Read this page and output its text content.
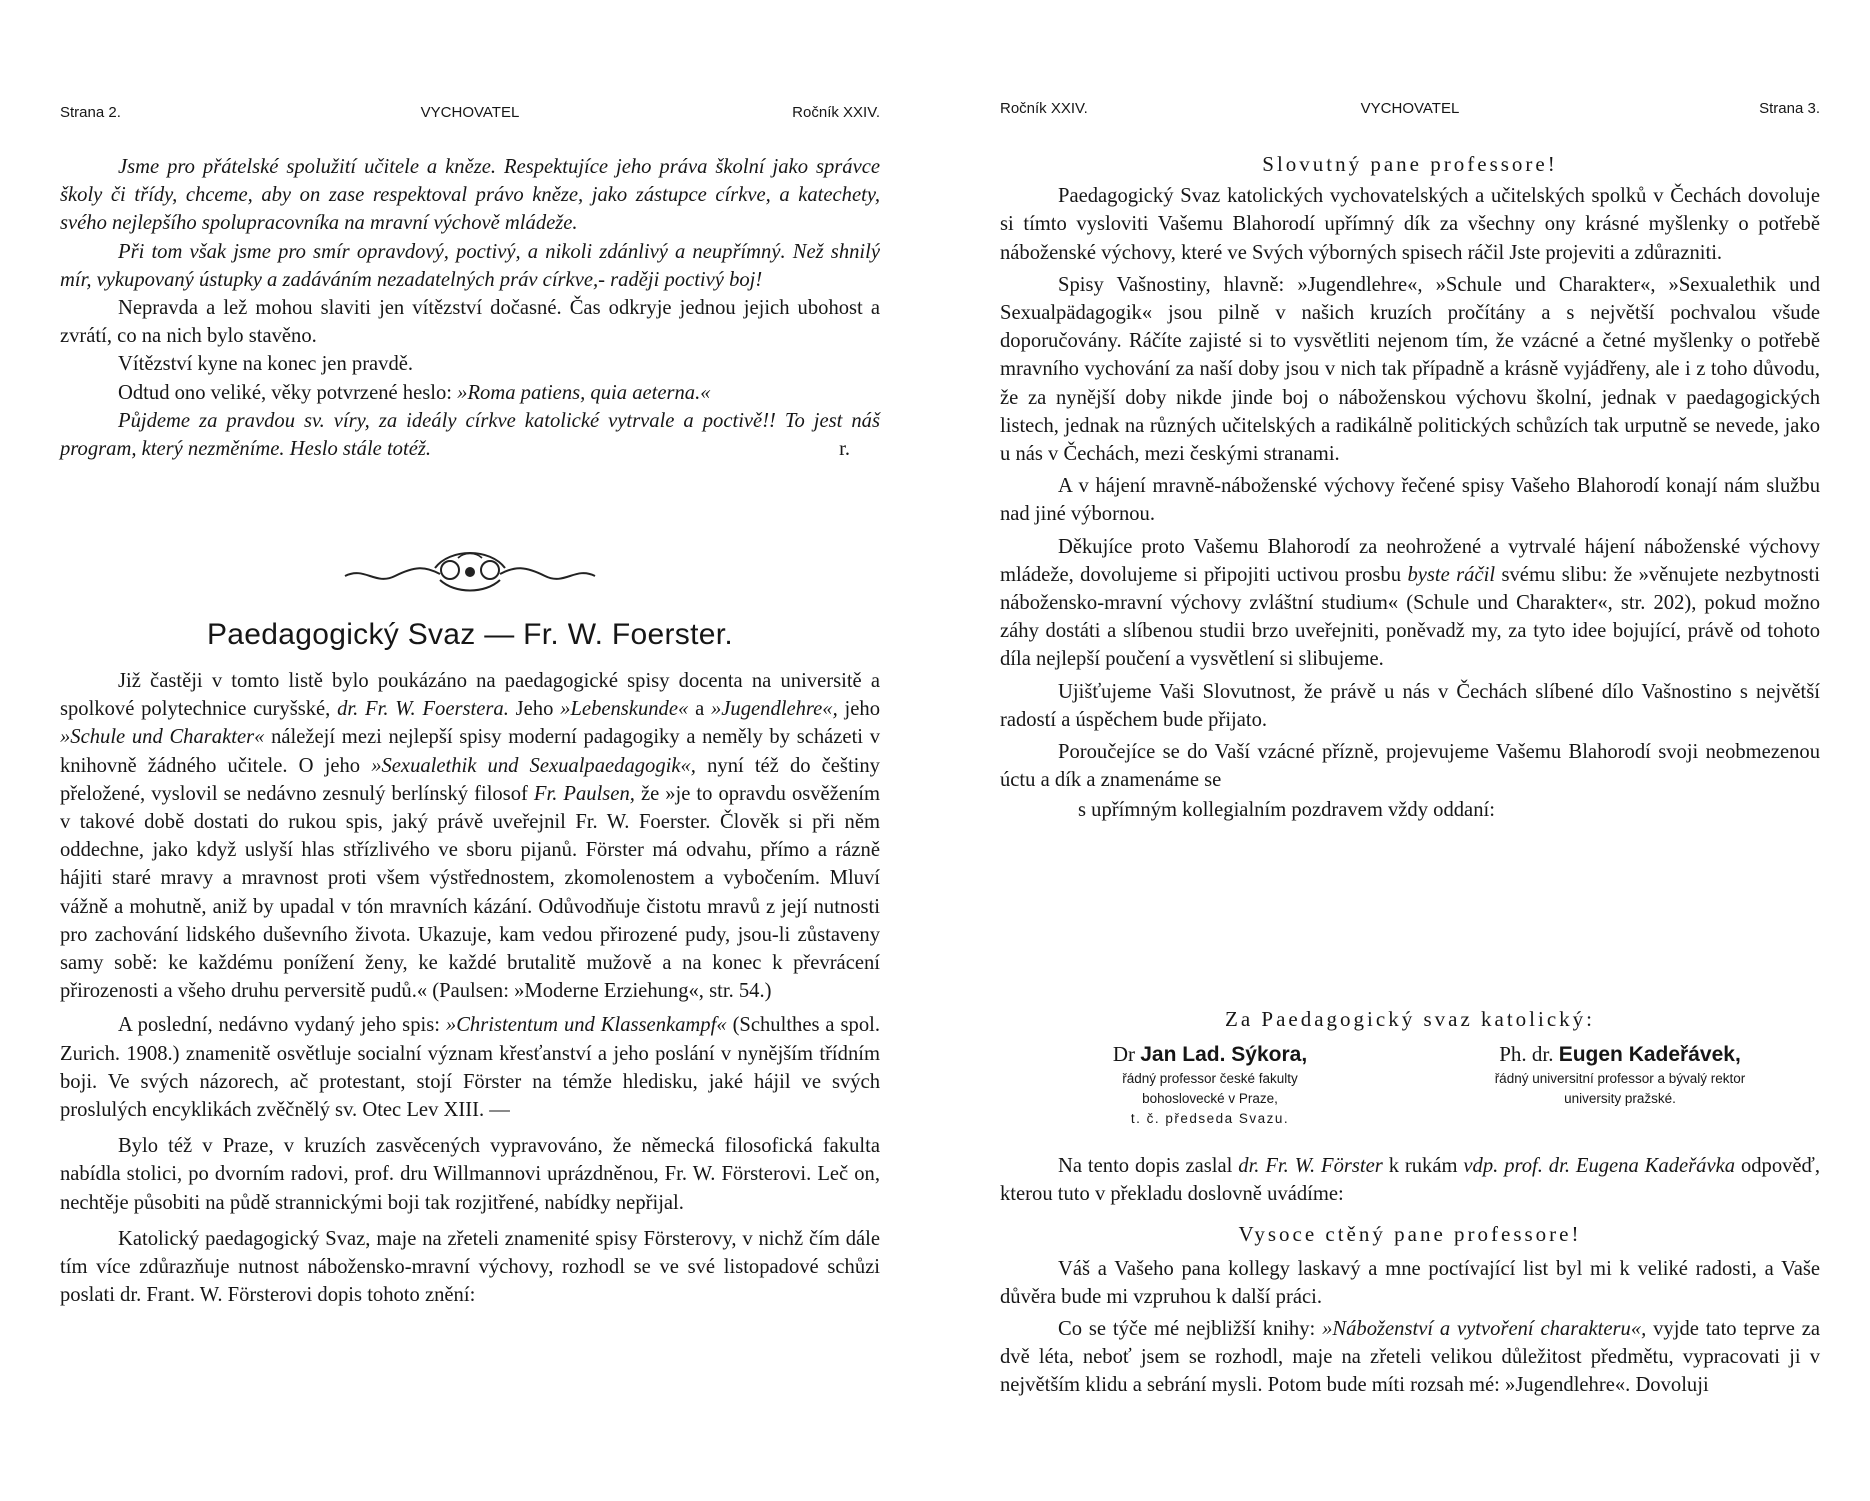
Strana 2.	VYCHOVATEL	Ročník XXIV.

Jsme pro přátelské spolužití učitele a kněze. Respektujíce jeho práva školní jako správce školy či třídy, chceme, aby on zase respektoval právo kněze, jako zástupce církve, a katechety, svého nejlepšího spolupracovníka na mravní výchově mládeže.

Při tom však jsme pro smír opravdový, poctivý, a nikoli zdánlivý a neupřímný. Než shnilý mír, vykupovaný ústupky a zadáváním nezadatelných práv církve,- raději poctivý boj!

Nepravda a lež mohou slaviti jen vítězství dočasné. Čas odkryje jednou jejich ubohost a zvrátí, co na nich bylo stavěno.

Vítězství kyne na konec jen pravdě.

Odtud ono veliké, věky potvrzené heslo: »Roma patiens, quia aeterna.«

Půjdeme za pravdou sv. víry, za ideály církve katolické vytrvale a poctivě!! To jest náš program, který nezměníme. Heslo stále totéž.	r.

Paedagogický Svaz — Fr. W. Foerster.

Již častěji v tomto listě bylo poukázáno na paedagogické spisy docenta na universitě a spolkové polytechnice curyšské, dr. Fr. W. Foerstera. Jeho »Lebenskunde« a »Jugendlehre«, jeho »Schule und Charakter« náležejí mezi nejlepší spisy moderní padagogiky a neměly by scházeti v knihovně žádného učitele. O jeho »Sexualethik und Sexualpaedagogik«, nyní též do češtiny přeložené, vyslovil se nedávno zesnulý berlínský filosof Fr. Paulsen, že »je to opravdu osvěžením v takové době dostati do rukou spis, jaký právě uveřejnil Fr. W. Foerster. Člověk si při něm oddechne, jako když uslyší hlas střízlivého ve sboru pijanů. Förster má odvahu, přímo a rázně hájiti staré mravy a mravnost proti všem výstřednostem, zkomolenostem a vybočením. Mluví vážně a mohutně, aniž by upadal v tón mravních kázání. Odůvodňuje čistotu mravů z její nutnosti pro zachování lidského duševního života. Ukazuje, kam vedou přirozené pudy, jsou-li zůstaveny samy sobě: ke každému ponížení ženy, ke každé brutalitě mužově a na konec k převrácení přirozenosti a všeho druhu perversitě pudů.« (Paulsen: »Moderne Erziehung«, str. 54.)

A poslední, nedávno vydaný jeho spis: »Christentum und Klassenkampf« (Schulthes a spol. Zurich. 1908.) znamenitě osvětluje socialní význam křesťanství a jeho poslání v nynějším třídním boji. Ve svých názorech, ač protestant, stojí Förster na témže hledisku, jaké hájil ve svých proslulých encyklikách zvěčnělý sv. Otec Lev XIII. —

Bylo též v Praze, v kruzích zasvěcených vypravováno, že německá filosofická fakulta nabídla stolici, po dvorním radovi, prof. dru Willmannovi uprázdněnou, Fr. W. Försterovi. Leč on, nechtěje působiti na půdě strannickými boji tak rozjitřené, nabídky nepřijal.

Katolický paedagogický Svaz, maje na zřeteli znamenité spisy Försterovy, v nichž čím dále tím více zdůrazňuje nutnost nábožensko-mravní výchovy, rozhodl se ve své listopadové schůzi poslati dr. Frant. W. Försterovi dopis tohoto znění:

Ročník XXIV.	VYCHOVATEL	Strana 3.
Slovutný pane professore!

Paedagogický Svaz katolických vychovatelských a učitelských spolků v Čechách dovoluje si tímto vysloviti Vašemu Blahorodí upřímný dík za všechny ony krásné myšlenky o potřebě náboženské výchovy, které ve Svých výborných spisech ráčil Jste projeviti a zdůrazniti.

Spisy Vašnostiny, hlavně: »Jugendlehre«, »Schule und Charakter«, »Sexualethik und Sexualpädagogik« jsou pilně v našich kruzích pročítány a s největší pochvalou všude doporučovány. Ráčíte zajisté si to vysvětliti nejenom tím, že vzácné a četné myšlenky o potřebě mravního vychování za naší doby jsou v nich tak případně a krásně vyjádřeny, ale i z toho důvodu, že za nynější doby nikde jinde boj o náboženskou výchovu školní, jednak v paedagogických listech, jednak na různých učitelských a radikálně politických schůzích tak urputně se nevede, jako u nás v Čechách, mezi českými stranami.

A v hájení mravně-náboženské výchovy řečené spisy Vašeho Blahorodí konají nám službu nad jiné výbornou.

Děkujíce proto Vašemu Blahorodí za neohrožené a vytrvalé hájení náboženské výchovy mládeže, dovolujeme si připojiti uctivou prosbu byste ráčil svému slibu: že »věnujete nezbytnosti nábožensko-mravní výchovy zvláštní studium« (Schule und Charakter«, str. 202), pokud možno záhy dostáti a slíbenou studii brzo uveřejniti, poněvadž my, za tyto idee bojující, právě od tohoto díla nejlepší poučení a vysvětlení si slibujeme.

Ujišťujeme Vaši Slovutnost, že právě u nás v Čechách slíbené dílo Vašnostino s největší radostí a úspěchem bude přijato.

Poroučejíce se do Vaší vzácné přízně, projevujeme Vašemu Blahorodí svoji neobmezenou úctu a dík a znamenáme se

s upřímným kollegialním pozdravem vždy oddaní:

Za Paedagogický svaz katolický:
Dr Jan Lad. Sýkora,
řádný professor české fakulty bohoslovecké v Praze,
t. č. předseda Svazu.
Ph. dr. Eugen Kadeřávek,
řádný universitní professor a bývalý rektor university pražské.

Na tento dopis zaslal dr. Fr. W. Förster k rukám vdp. prof. dr. Eugena Kadeřávka odpověď, kterou tuto v překladu doslovně uvádíme:

Vysoce ctěný pane professore!

Váš a Vašeho pana kollegy laskavý a mne poctívající list byl mi k veliké radosti, a Vaše důvěra bude mi vzpruhou k další práci.

Co se týče mé nejbližší knihy: »Náboženství a vytvoření charakteru«, vyjde tato teprve za dvě léta, neboť jsem se rozhodl, maje na zřeteli velikou důležitost předmětu, vypracovati ji v největším klidu a sebrání mysli. Potom bude míti rozsah mé: »Jugendlehre«. Dovoluji
